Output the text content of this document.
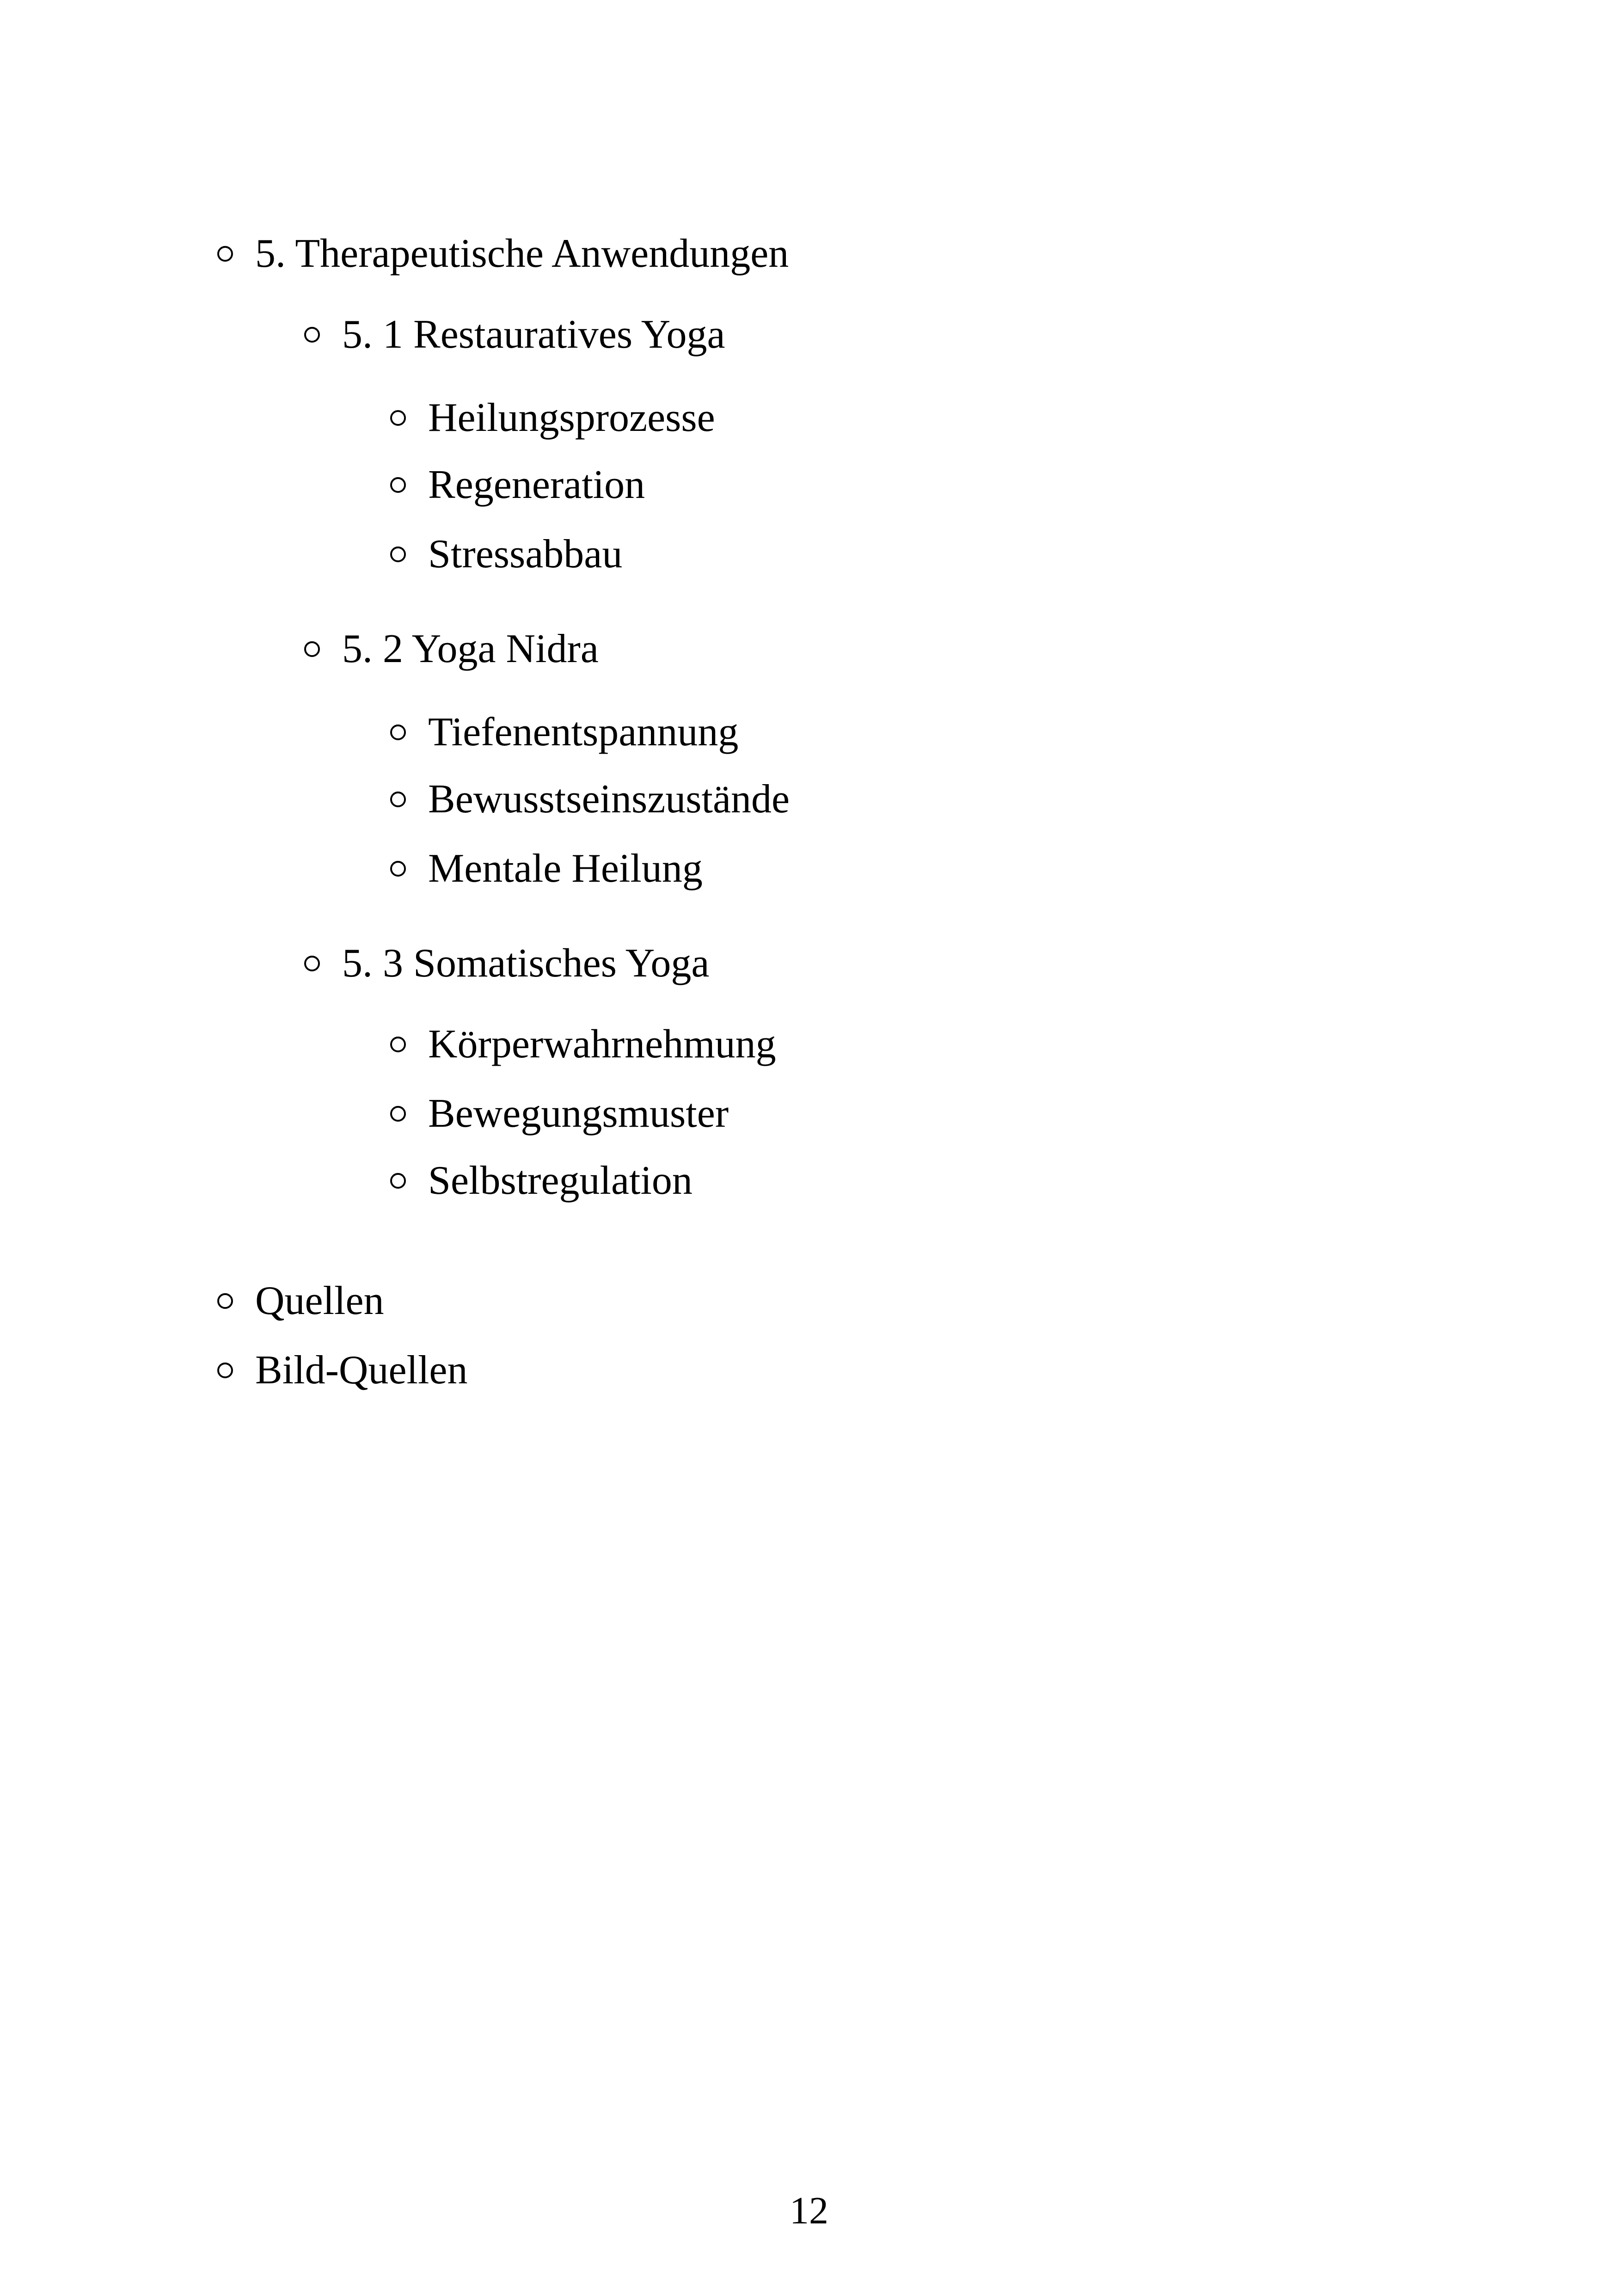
5. Therapeutische Anwendungen
5. 1 Restauratives Yoga
Heilungsprozesse
Regeneration
Stressabbau
5. 2 Yoga Nidra
Tiefenentspannung
Bewusstseinszustände
Mentale Heilung
5. 3 Somatisches Yoga
Körperwahrnehmung
Bewegungsmuster
Selbstregulation
Quellen
Bild-Quellen
12
